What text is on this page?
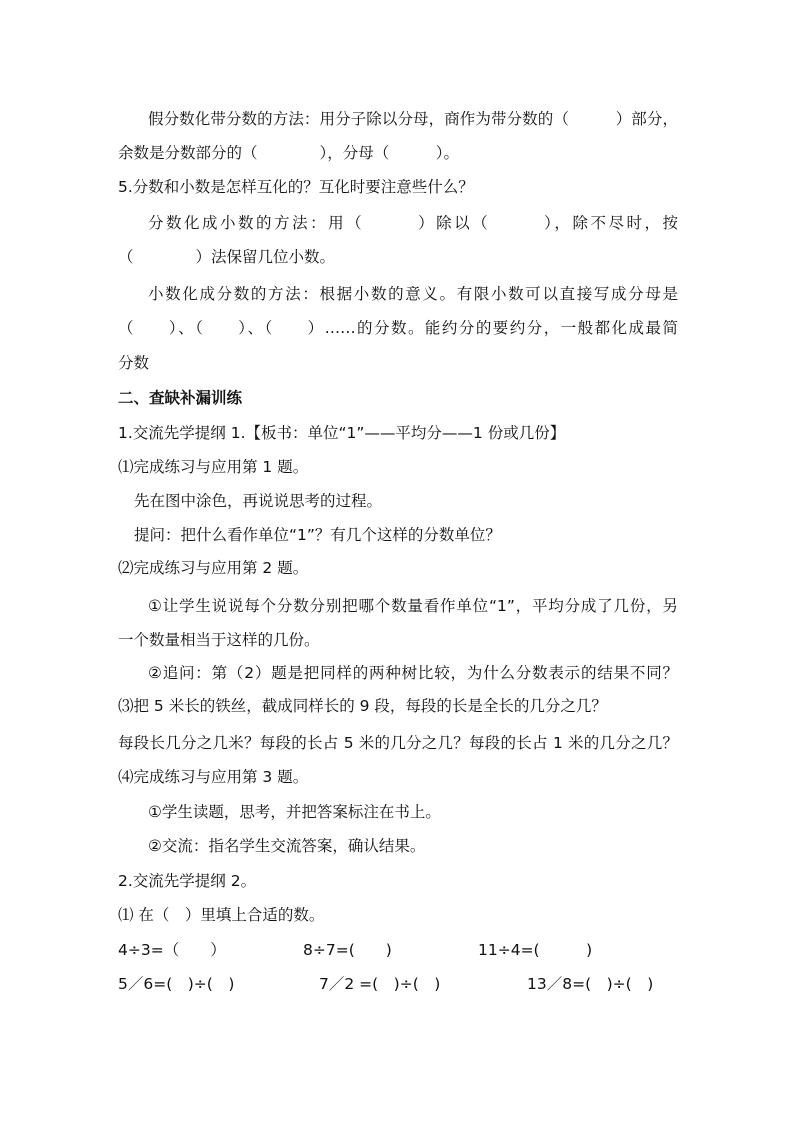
假分数化带分数的方法：用分子除以分母，商作为带分数的（　　　）部分，
余数是分数部分的（　　　　），分母（　　　）。
5.分数和小数是怎样互化的？互化时要注意些什么？
分数化成小数的方法：用（　　　）除以（　　　），除不尽时，按
（　　　　）法保留几位小数。
小数化成分数的方法：根据小数的意义。有限小数可以直接写成分母是
（　　）、（　　）、（　　）……的分数。能约分的要约分，一般都化成最简
分数
二、查缺补漏训练
1.交流先学提纲 1.【板书：单位“1”——平均分——1 份或几份】
⑴完成练习与应用第 1 题。
先在图中涂色，再说说思考的过程。
提问：把什么看作单位“1”？有几个这样的分数单位？
⑵完成练习与应用第 2 题。
①让学生说说每个分数分别把哪个数量看作单位“1”，平均分成了几份，另
一个数量相当于这样的几份。
②追问：第（2）题是把同样的两种树比较，为什么分数表示的结果不同？
⑶把 5 米长的铁丝，截成同样长的 9 段，每段的长是全长的几分之几？
每段长几分之几米？每段的长占 5 米的几分之几？每段的长占 1 米的几分之几？
⑷完成练习与应用第 3 题。
①学生读题，思考，并把答案标注在书上。
②交流：指名学生交流答案，确认结果。
2.交流先学提纲 2。
⑴ 在（　）里填上合适的数。
4÷3=（　　）	8÷7=(　　)	11÷4=(　　　)
5／6=(　)÷(　)	7／2 =(　)÷(　)	13／8=(　)÷(　)
